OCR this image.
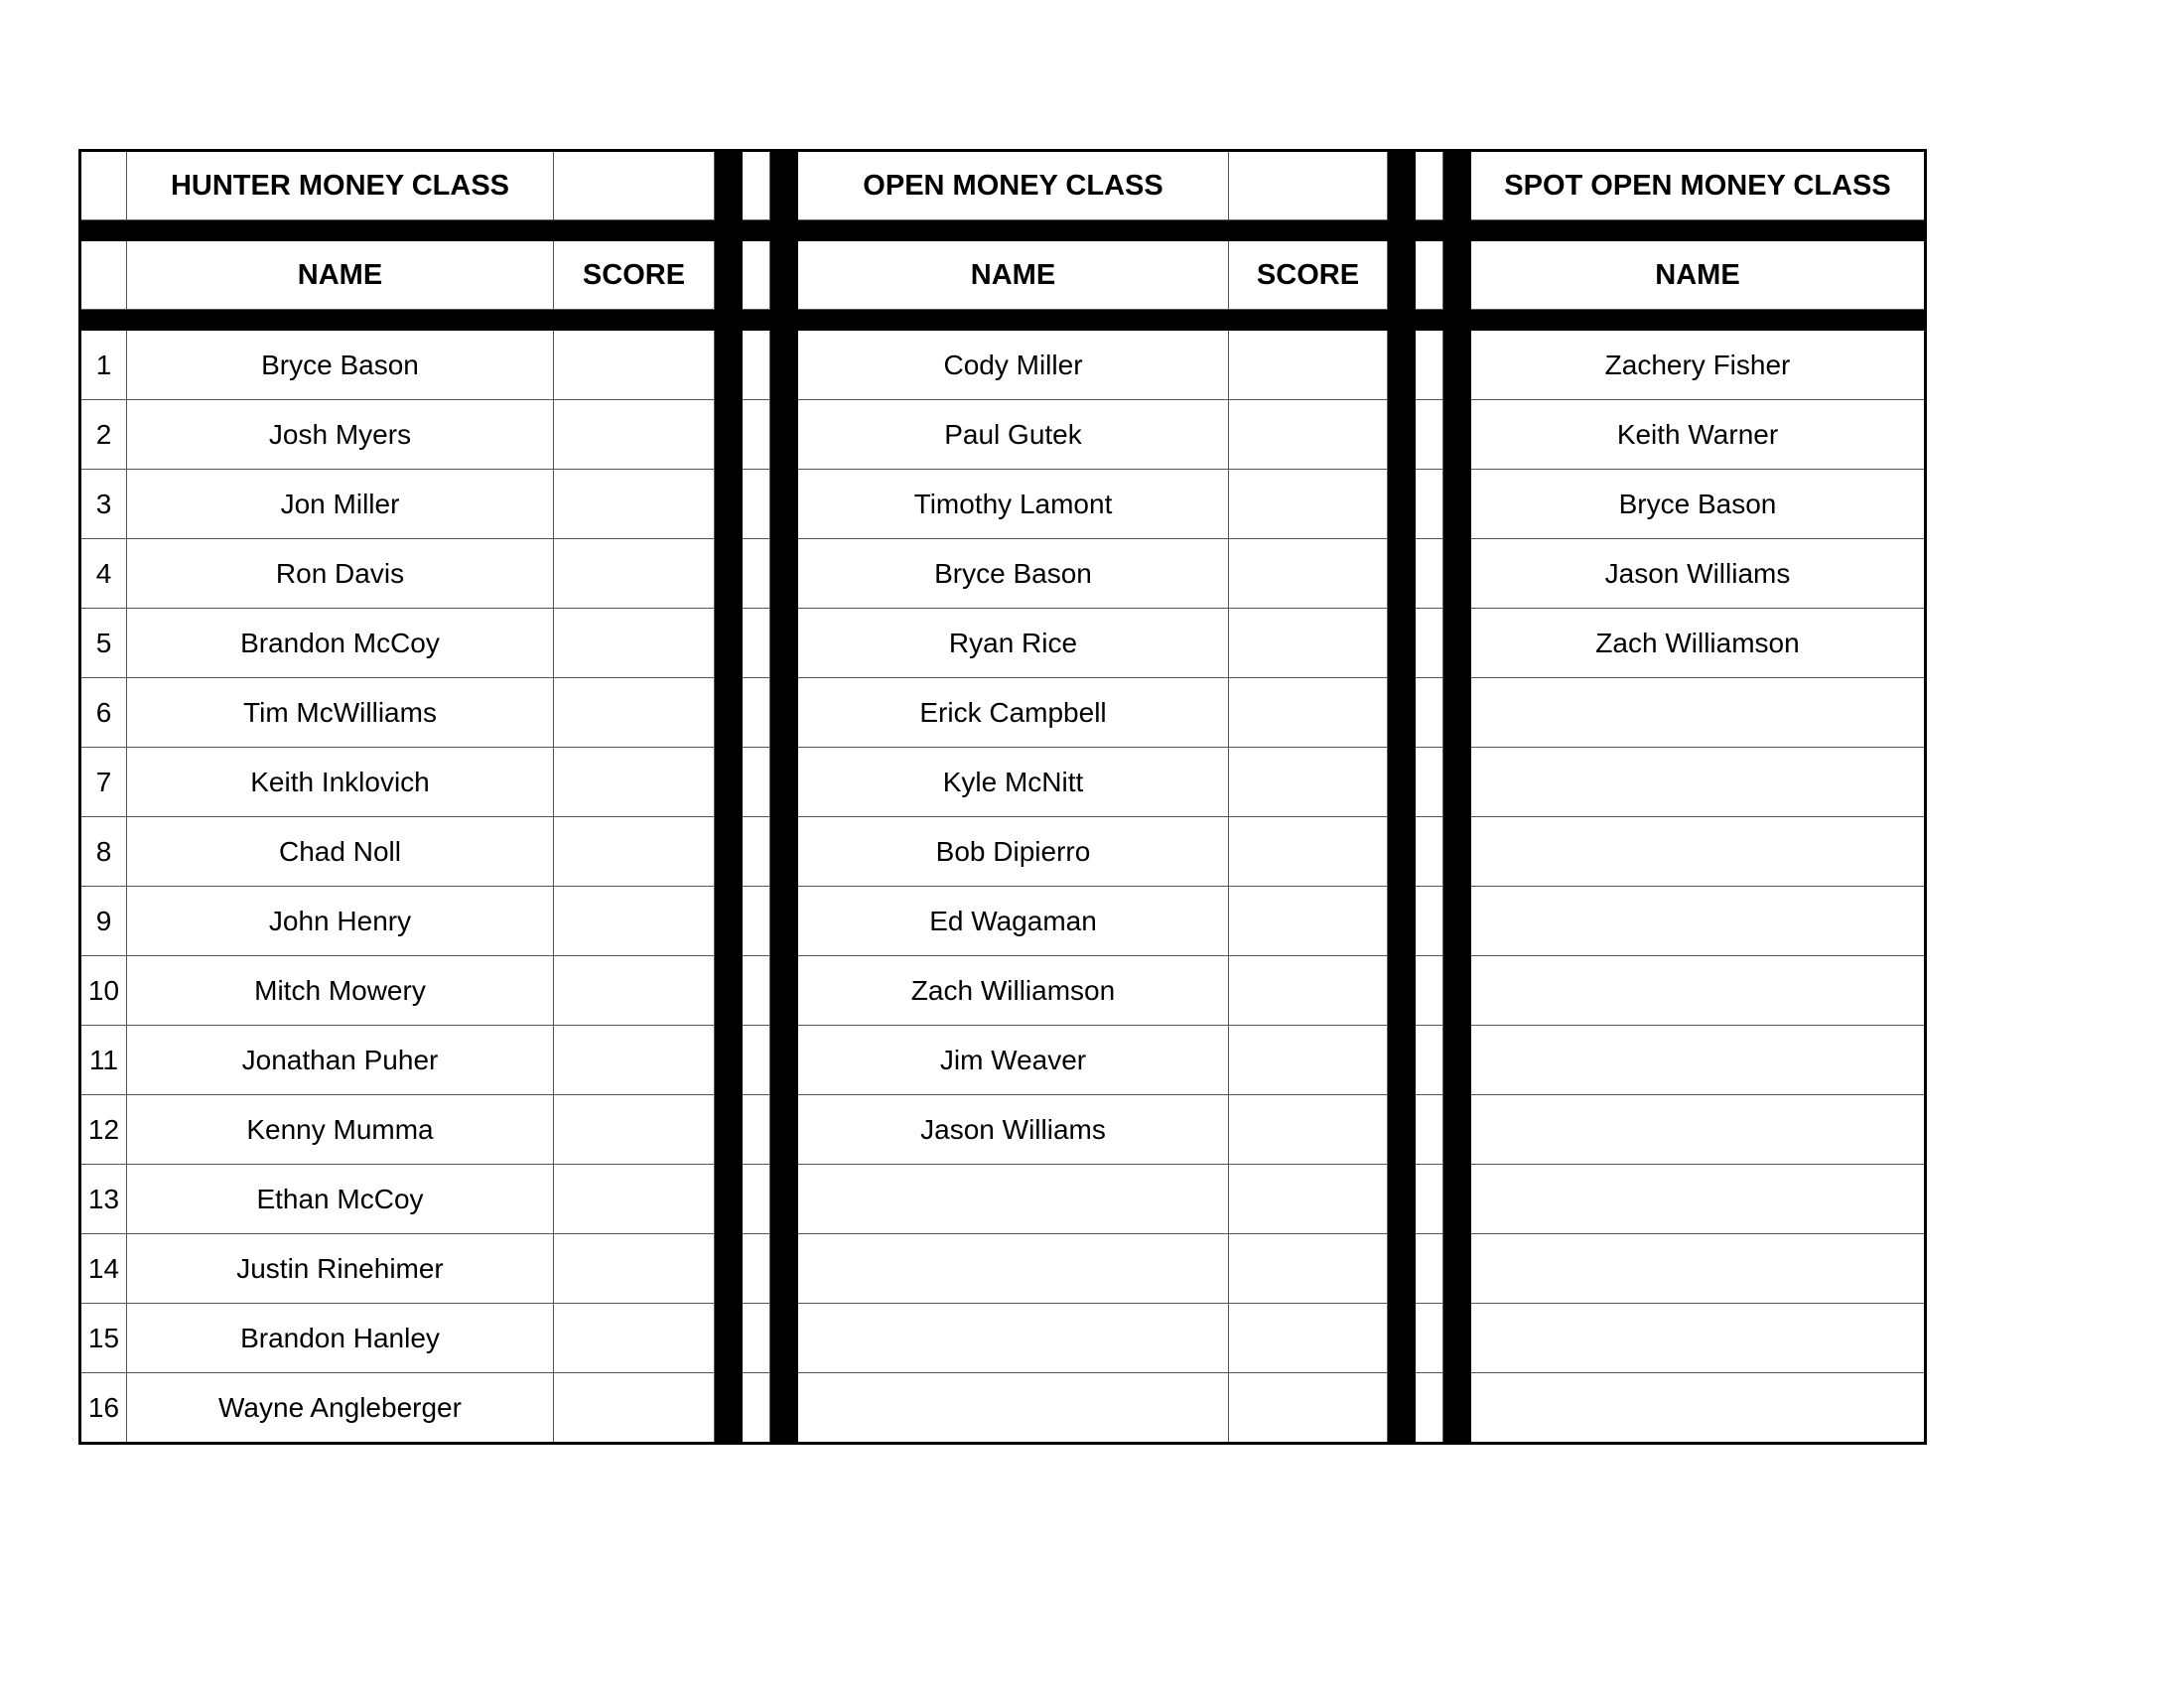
	HUNTER MONEY CLASS					OPEN MONEY CLASS					SPOT OPEN MONEY CLASS

	NAME	SCORE				NAME	SCORE				NAME

1	Bryce Bason					Cody Miller					Zachery Fisher
2	Josh Myers					Paul Gutek					Keith Warner
3	Jon Miller					Timothy Lamont					Bryce Bason
4	Ron Davis					Bryce Bason					Jason Williams
5	Brandon McCoy					Ryan Rice					Zach Williamson
6	Tim McWilliams					Erick Campbell					
7	Keith Inklovich					Kyle McNitt					
8	Chad Noll					Bob Dipierro					
9	John Henry					Ed Wagaman					
10	Mitch Mowery					Zach Williamson					
11	Jonathan Puher					Jim Weaver					
12	Kenny Mumma					Jason Williams					
13	Ethan McCoy										
14	Justin Rinehimer										
15	Brandon Hanley										
16	Wayne Angleberger										
